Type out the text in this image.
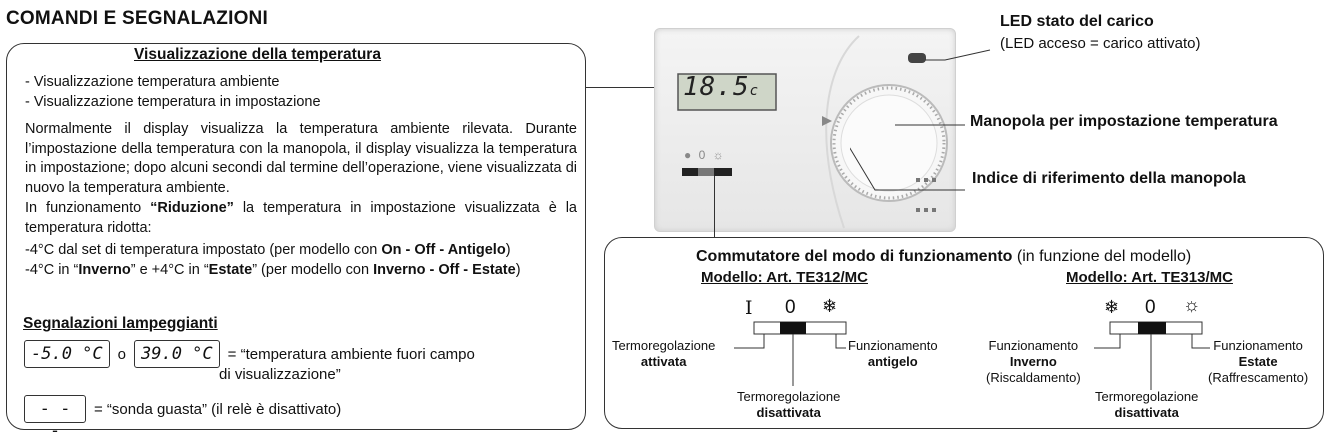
COMANDI E SEGNALAZIONI
Visualizzazione della temperatura
- Visualizzazione temperatura ambiente
- Visualizzazione temperatura in impostazione
Normalmente il display visualizza la temperatura ambiente rilevata. Durante l’impostazione della temperatura con la manopola, il display visualizza la temperatura in impostazione; dopo alcuni secondi dal termine dell’operazione, viene visualizzata di nuovo la temperatura ambiente.
In funzionamento “Riduzione” la temperatura in impostazione visualizzata è la temperatura ridotta:
-4°C dal set di temperatura impostato (per modello con On - Off - Antigelo)
-4°C in “Inverno” e +4°C in “Estate” (per modello con Inverno - Off - Estate)
Segnalazioni lampeggianti
-5.0 °C	o 39.0 °C	= “temperatura ambiente fuori campo
di visualizzazione”
- - -
= “sonda guasta” (il relè è disattivato)
18.5c
● 0 ☼
LED stato del carico
(LED acceso = carico attivato)
Manopola per impostazione temperatura
Indice di riferimento della manopola
Commutatore del modo di funzionamento (in funzione del modello)
Modello: Art. TE312/MC
I 0 ❄
Termoregolazione
attivata
Funzionamento
antigelo
Termoregolazione
disattivata
Modello: Art. TE313/MC
❄ 0 ☼
Funzionamento
Inverno
(Riscaldamento)
Funzionamento
Estate
(Raffrescamento)
Termoregolazione
disattivata
